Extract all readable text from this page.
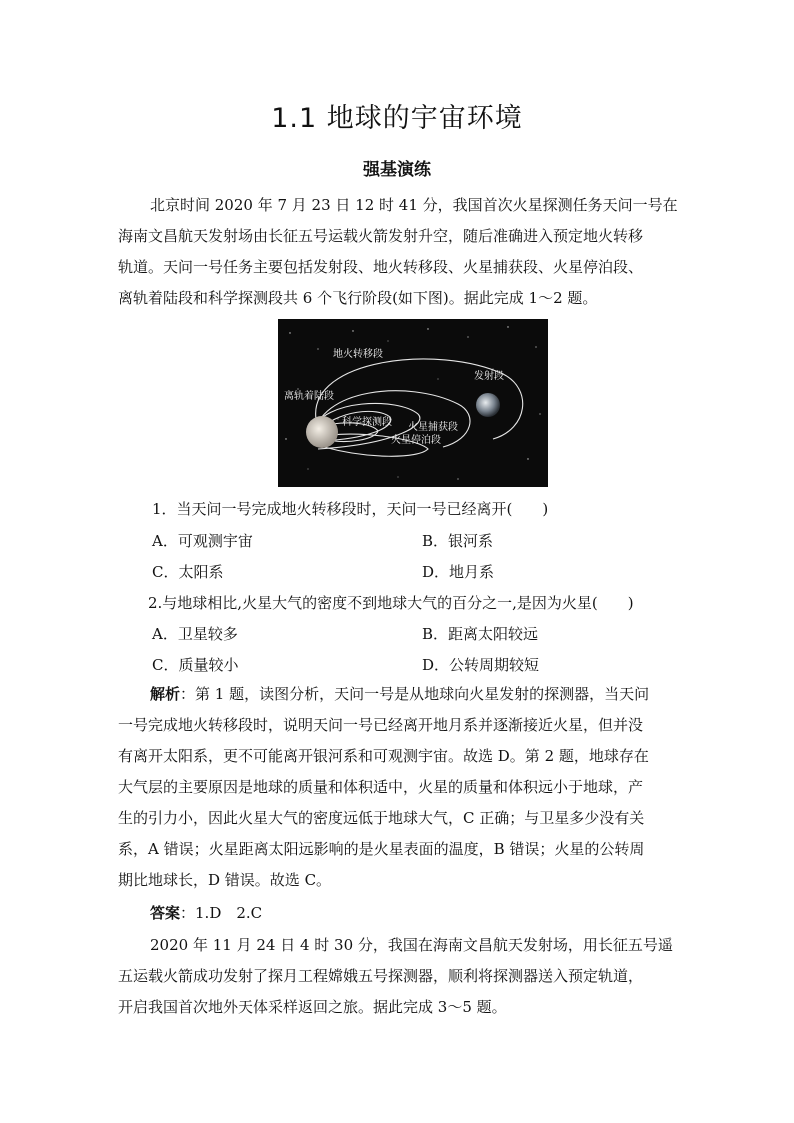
1.1 地球的宇宙环境
强基演练
北京时间 2020 年 7 月 23 日 12 时 41 分，我国首次火星探测任务天问一号在
海南文昌航天发射场由长征五号运载火箭发射升空，随后准确进入预定地火转移
轨道。天问一号任务主要包括发射段、地火转移段、火星捕获段、火星停泊段、
离轨着陆段和科学探测段共 6 个飞行阶段(如下图)。据此完成 1～2 题。
地火转移段
发射段
离轨着陆段
科学探测段 火星捕获段
火星停泊段
1．当天问一号完成地火转移段时，天问一号已经离开(　　)
A．可观测宇宙	B．银河系
C．太阳系	D．地月系
2.与地球相比,火星大气的密度不到地球大气的百分之一,是因为火星(　　)
A．卫星较多	B．距离太阳较远
C．质量较小	D．公转周期较短
解析：第 1 题，读图分析，天问一号是从地球向火星发射的探测器，当天问
一号完成地火转移段时，说明天问一号已经离开地月系并逐渐接近火星，但并没
有离开太阳系，更不可能离开银河系和可观测宇宙。故选 D。第 2 题，地球存在
大气层的主要原因是地球的质量和体积适中，火星的质量和体积远小于地球，产
生的引力小，因此火星大气的密度远低于地球大气，C 正确；与卫星多少没有关
系，A 错误；火星距离太阳远影响的是火星表面的温度，B 错误；火星的公转周
期比地球长，D 错误。故选 C。
答案：1.D　2.C
2020 年 11 月 24 日 4 时 30 分，我国在海南文昌航天发射场，用长征五号遥
五运载火箭成功发射了探月工程嫦娥五号探测器，顺利将探测器送入预定轨道，
开启我国首次地外天体采样返回之旅。据此完成 3～5 题。
